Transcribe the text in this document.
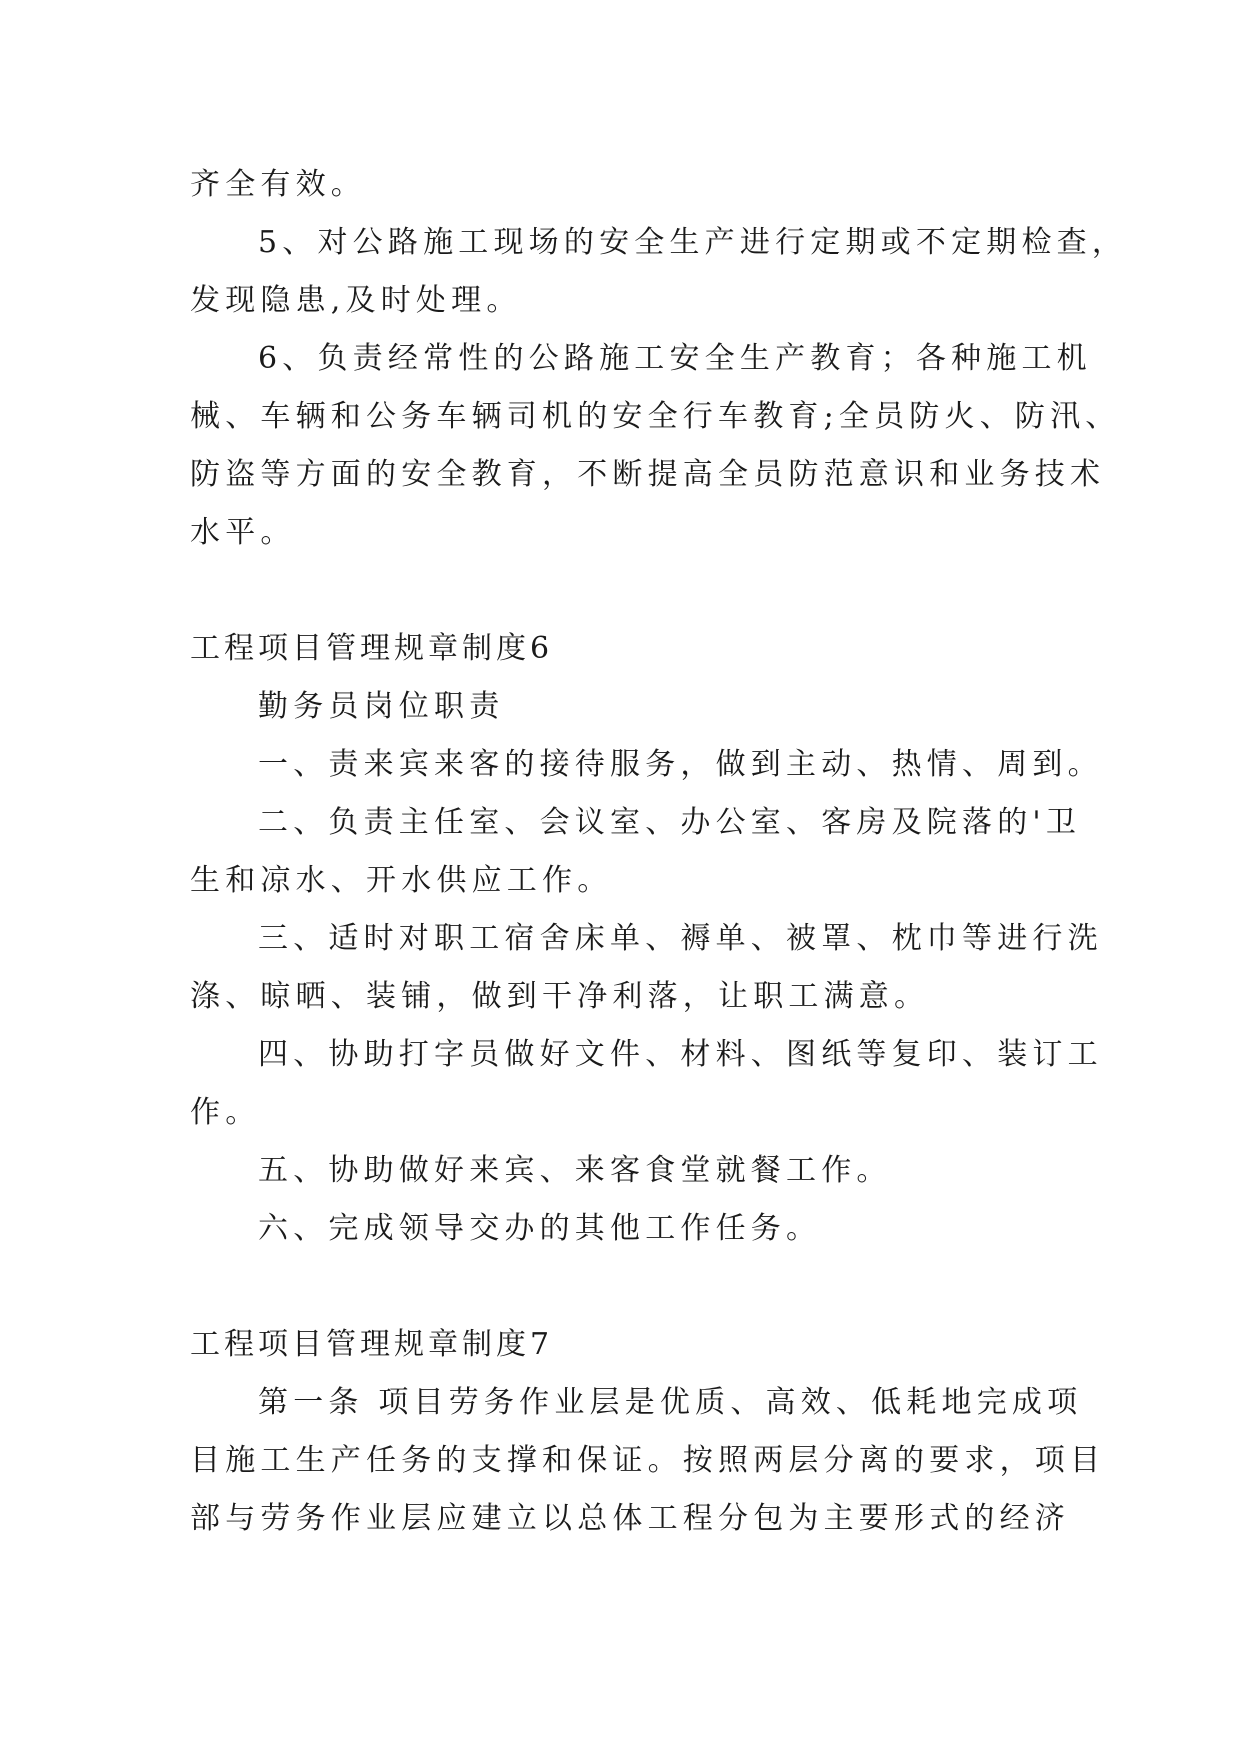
齐全有效。
5、对公路施工现场的安全生产进行定期或不定期检查，
发现隐患,及时处理。
6、负责经常性的公路施工安全生产教育；各种施工机
械、车辆和公务车辆司机的安全行车教育;全员防火、防汛、
防盗等方面的安全教育，不断提高全员防范意识和业务技术
水平。
工程项目管理规章制度6
勤务员岗位职责
一、责来宾来客的接待服务，做到主动、热情、周到。
二、负责主任室、会议室、办公室、客房及院落的'卫
生和凉水、开水供应工作。
三、适时对职工宿舍床单、褥单、被罩、枕巾等进行洗
涤、晾晒、装铺，做到干净利落，让职工满意。
四、协助打字员做好文件、材料、图纸等复印、装订工
作。
五、协助做好来宾、来客食堂就餐工作。
六、完成领导交办的其他工作任务。
工程项目管理规章制度7
第一条 项目劳务作业层是优质、高效、低耗地完成项
目施工生产任务的支撑和保证。按照两层分离的要求，项目
部与劳务作业层应建立以总体工程分包为主要形式的经济
